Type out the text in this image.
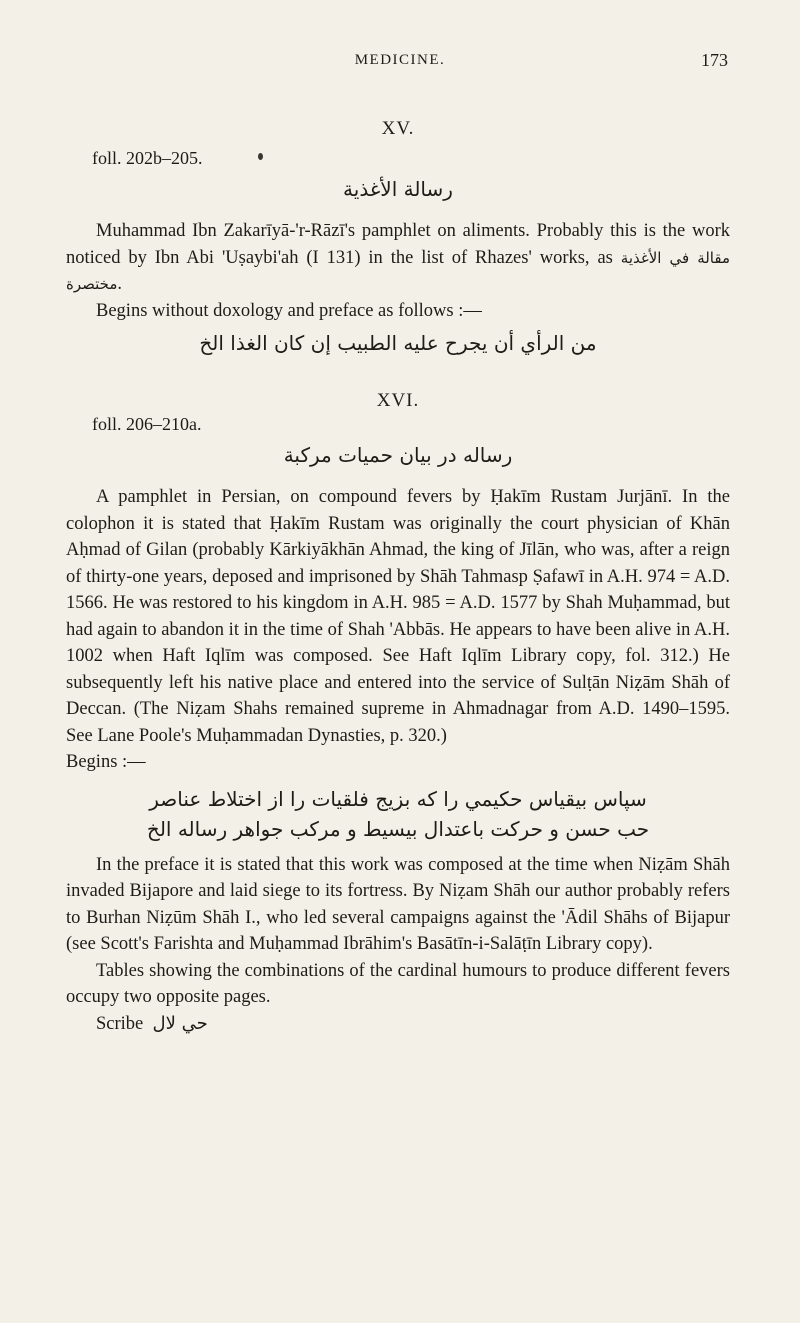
MEDICINE.	173
XV.
foll. 202b–205.
رسالة الأغذية

Muhammad Ibn Zakarīyā-'r-Rāzī's pamphlet on aliments. Probably this is the work noticed by Ibn Abi 'Uṣaybi'ah (I 131) in the list of Rhazes' works, as مقالة في الأغذية مختصرة.

Begins without doxology and preface as follows :—

من الرأي أن يجرح عليه الطبيب إن كان الغذا الخ
XVI.
foll. 206–210a.
رساله در بيان حميات مركبة

A pamphlet in Persian, on compound fevers by Ḥakīm Rustam Jurjānī. In the colophon it is stated that Ḥakīm Rustam was originally the court physician of Khān Aḥmad of Gilan (probably Kārkiyākhān Ahmad, the king of Jīlān, who was, after a reign of thirty-one years, deposed and imprisoned by Shāh Tahmasp Ṣafawī in A.H. 974 = A.D. 1566. He was restored to his kingdom in A.H. 985 = A.D. 1577 by Shah Muḥammad, but had again to abandon it in the time of Shah 'Abbās. He appears to have been alive in A.H. 1002 when Haft Iqlīm was composed. See Haft Iqlīm Library copy, fol. 312.) He subsequently left his native place and entered into the service of Sulṭān Niẓām Shāh of Deccan. (The Niẓam Shahs remained supreme in Ahmadnagar from A.D. 1490–1595. See Lane Poole's Muḥammadan Dynasties, p. 320.)

Begins :—

سپاس بيقياس حكيمي را كه بزيج فلقيات را از اختلاط عناصر
حب حسن و حركت باعتدال بيسيط و مركب جواهر رساله الخ

In the preface it is stated that this work was composed at the time when Niẓām Shāh invaded Bijapore and laid siege to its fortress. By Niẓam Shāh our author probably refers to Burhan Niẓūm Shāh I., who led several campaigns against the 'Ādil Shāhs of Bijapur (see Scott's Farishta and Muḥammad Ibrāhim's Basātīn-i-Salāṭīn Library copy).

Tables showing the combinations of the cardinal humours to produce different fevers occupy two opposite pages.

Scribe حي لال
